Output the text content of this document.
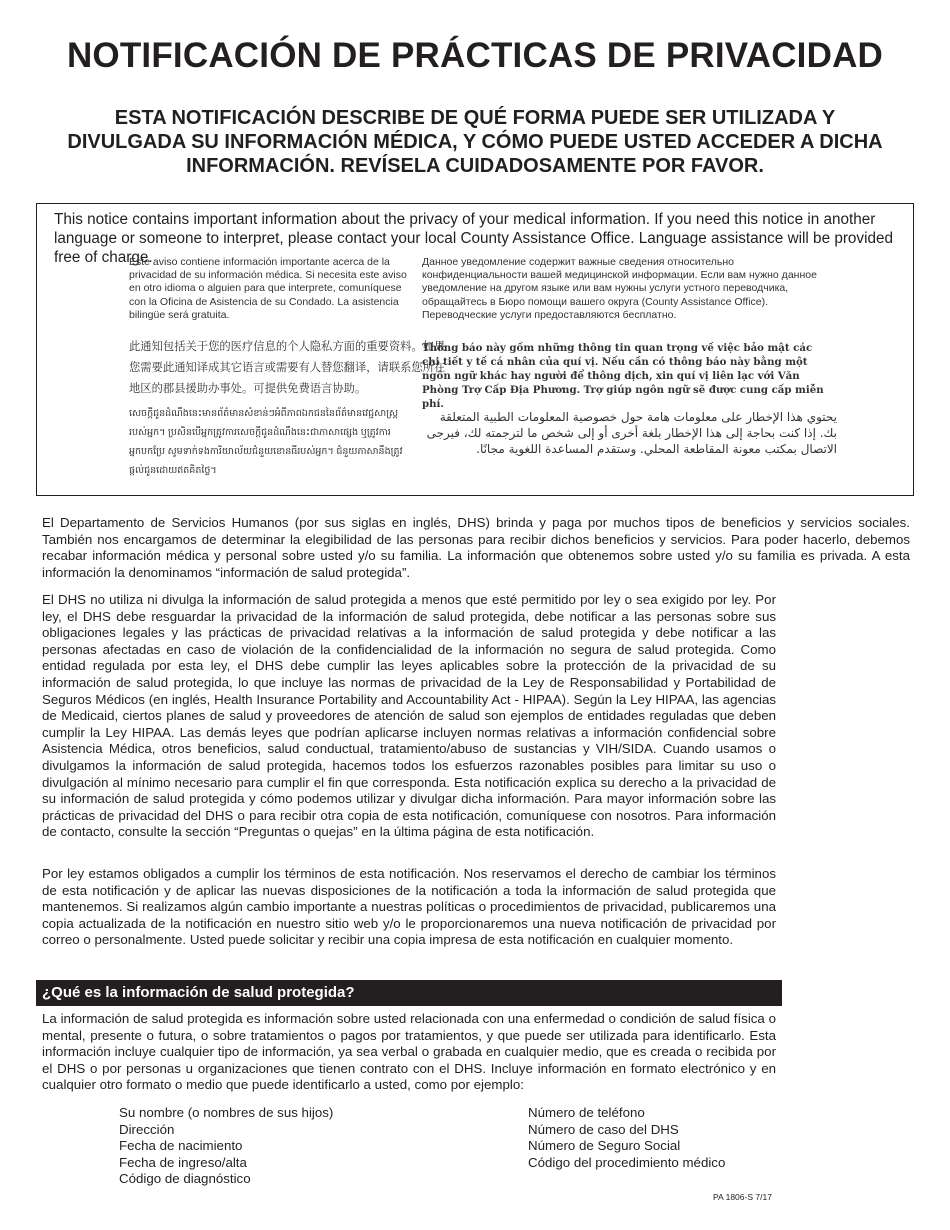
NOTIFICACIÓN DE PRÁCTICAS DE PRIVACIDAD
ESTA NOTIFICACIÓN DESCRIBE DE QUÉ FORMA PUEDE SER UTILIZADA Y DIVULGADA SU INFORMACIÓN MÉDICA, Y CÓMO PUEDE USTED ACCEDER A DICHA INFORMACIÓN. REVÍSELA CUIDADOSAMENTE POR FAVOR.

This notice contains important information about the privacy of your medical information. If you need this notice in another language or someone to interpret, please contact your local County Assistance Office. Language assistance will be provided free of charge.

Este aviso contiene información importante acerca de la privacidad de su información médica. Si necesita este aviso en otro idioma o alguien para que interprete, comuníquese con la Oficina de Asistencia de su Condado. La asistencia bilingüe será gratuita.

Данное уведомление содержит важные сведения относительно конфиденциальности вашей медицинской информации. Если вам нужно данное уведомление на другом языке или вам нужны услуги устного переводчика, обращайтесь в Бюро помощи вашего округа (County Assistance Office). Переводческие услуги предоставляются бесплатно.

此通知包括关于您的医疗信息的个人隐私方面的重要资料。如果您需要此通知译成其它语言或需要有人替您翻译，请联系您所在地区的郡县援助办事处。可提供免费语言协助。

Thông báo này gồm những thông tin quan trọng về việc bảo mật các chi tiết y tế cá nhân của quí vị. Nếu cần có thông báo này bằng một ngôn ngữ khác hay người để thông dịch, xin quí vị liên lạc với Văn Phòng Trợ Cấp Địa Phương. Trợ giúp ngôn ngữ sẽ được cung cấp miễn phí.

សេចក្ដីជូនដំណឹងនេះមានព័ត៌មានសំខាន់ៗអំពីភាពឯកជននៃព័ត៌មានវេជ្ជសាស្ត្ររបស់អ្នក។ ប្រសិនបើអ្នកត្រូវការសេចក្ដីជូនដំណឹងនេះជាភាសាផ្សេង ឬត្រូវការអ្នកបកប្រែ សូមទាក់ទងការិយាល័យជំនួយខោនធីរបស់អ្នក។ ជំនួយភាសានឹងត្រូវផ្ដល់ជូនដោយឥតគិតថ្លៃ។

يحتوي هذا الإخطار على معلومات هامة حول خصوصية المعلومات الطبية المتعلقة بك. إذا كنت بحاجة إلى هذا الإخطار بلغة أخرى أو إلى شخص ما لترجمته لك، فيرجى الاتصال بمكتب معونة المقاطعة المحلي. وستقدم المساعدة اللغوية مجانًا.

El Departamento de Servicios Humanos (por sus siglas en inglés, DHS) brinda y paga por muchos tipos de beneficios y servicios sociales. También nos encargamos de determinar la elegibilidad de las personas para recibir dichos beneficios y servicios. Para poder hacerlo, debemos recabar información médica y personal sobre usted y/o su familia. La información que obtenemos sobre usted y/o su familia es privada. A esta información la denominamos “información de salud protegida”.

El DHS no utiliza ni divulga la información de salud protegida a menos que esté permitido por ley o sea exigido por ley. Por ley, el DHS debe resguardar la privacidad de la información de salud protegida, debe notificar a las personas sobre sus obligaciones legales y las prácticas de privacidad relativas a la información de salud protegida y debe notificar a las personas afectadas en caso de violación de la confidencialidad de la información no segura de salud protegida. Como entidad regulada por esta ley, el DHS debe cumplir las leyes aplicables sobre la protección de la privacidad de su información de salud protegida, lo que incluye las normas de privacidad de la Ley de Responsabilidad y Portabilidad de Seguros Médicos (en inglés, Health Insurance Portability and Accountability Act - HIPAA). Según la Ley HIPAA, las agencias de Medicaid, ciertos planes de salud y proveedores de atención de salud son ejemplos de entidades reguladas que deben cumplir la Ley HIPAA. Las demás leyes que podrían aplicarse incluyen normas relativas a información confidencial sobre Asistencia Médica, otros beneficios, salud conductual, tratamiento/abuso de sustancias y VIH/SIDA. Cuando usamos o divulgamos la información de salud protegida, hacemos todos los esfuerzos razonables posibles para limitar su uso o divulgación al mínimo necesario para cumplir el fin que corresponda. Esta notificación explica su derecho a la privacidad de su información de salud protegida y cómo podemos utilizar y divulgar dicha información. Para mayor información sobre las prácticas de privacidad del DHS o para recibir otra copia de esta notificación, comuníquese con nosotros. Para información de contacto, consulte la sección “Preguntas o quejas” en la última página de esta notificación.

Por ley estamos obligados a cumplir los términos de esta notificación. Nos reservamos el derecho de cambiar los términos de esta notificación y de aplicar las nuevas disposiciones de la notificación a toda la información de salud protegida que mantenemos. Si realizamos algún cambio importante a nuestras políticas o procedimientos de privacidad, publicaremos una copia actualizada de la notificación en nuestro sitio web y/o le proporcionaremos una nueva notificación de privacidad por correo o personalmente. Usted puede solicitar y recibir una copia impresa de esta notificación en cualquier momento.

¿Qué es la información de salud protegida?

La información de salud protegida es información sobre usted relacionada con una enfermedad o condición de salud física o mental, presente o futura, o sobre tratamientos o pagos por tratamientos, y que puede ser utilizada para identificarlo. Esta información incluye cualquier tipo de información, ya sea verbal o grabada en cualquier medio, que es creada o recibida por el DHS o por personas u organizaciones que tienen contrato con el DHS. Incluye información en formato electrónico y en cualquier otro formato o medio que puede identificarlo a usted, como por ejemplo:

Su nombre (o nombres de sus hijos)
Dirección
Fecha de nacimiento
Fecha de ingreso/alta
Código de diagnóstico
Número de teléfono
Número de caso del DHS
Número de Seguro Social
Código del procedimiento médico

PA 1806-S 7/17
